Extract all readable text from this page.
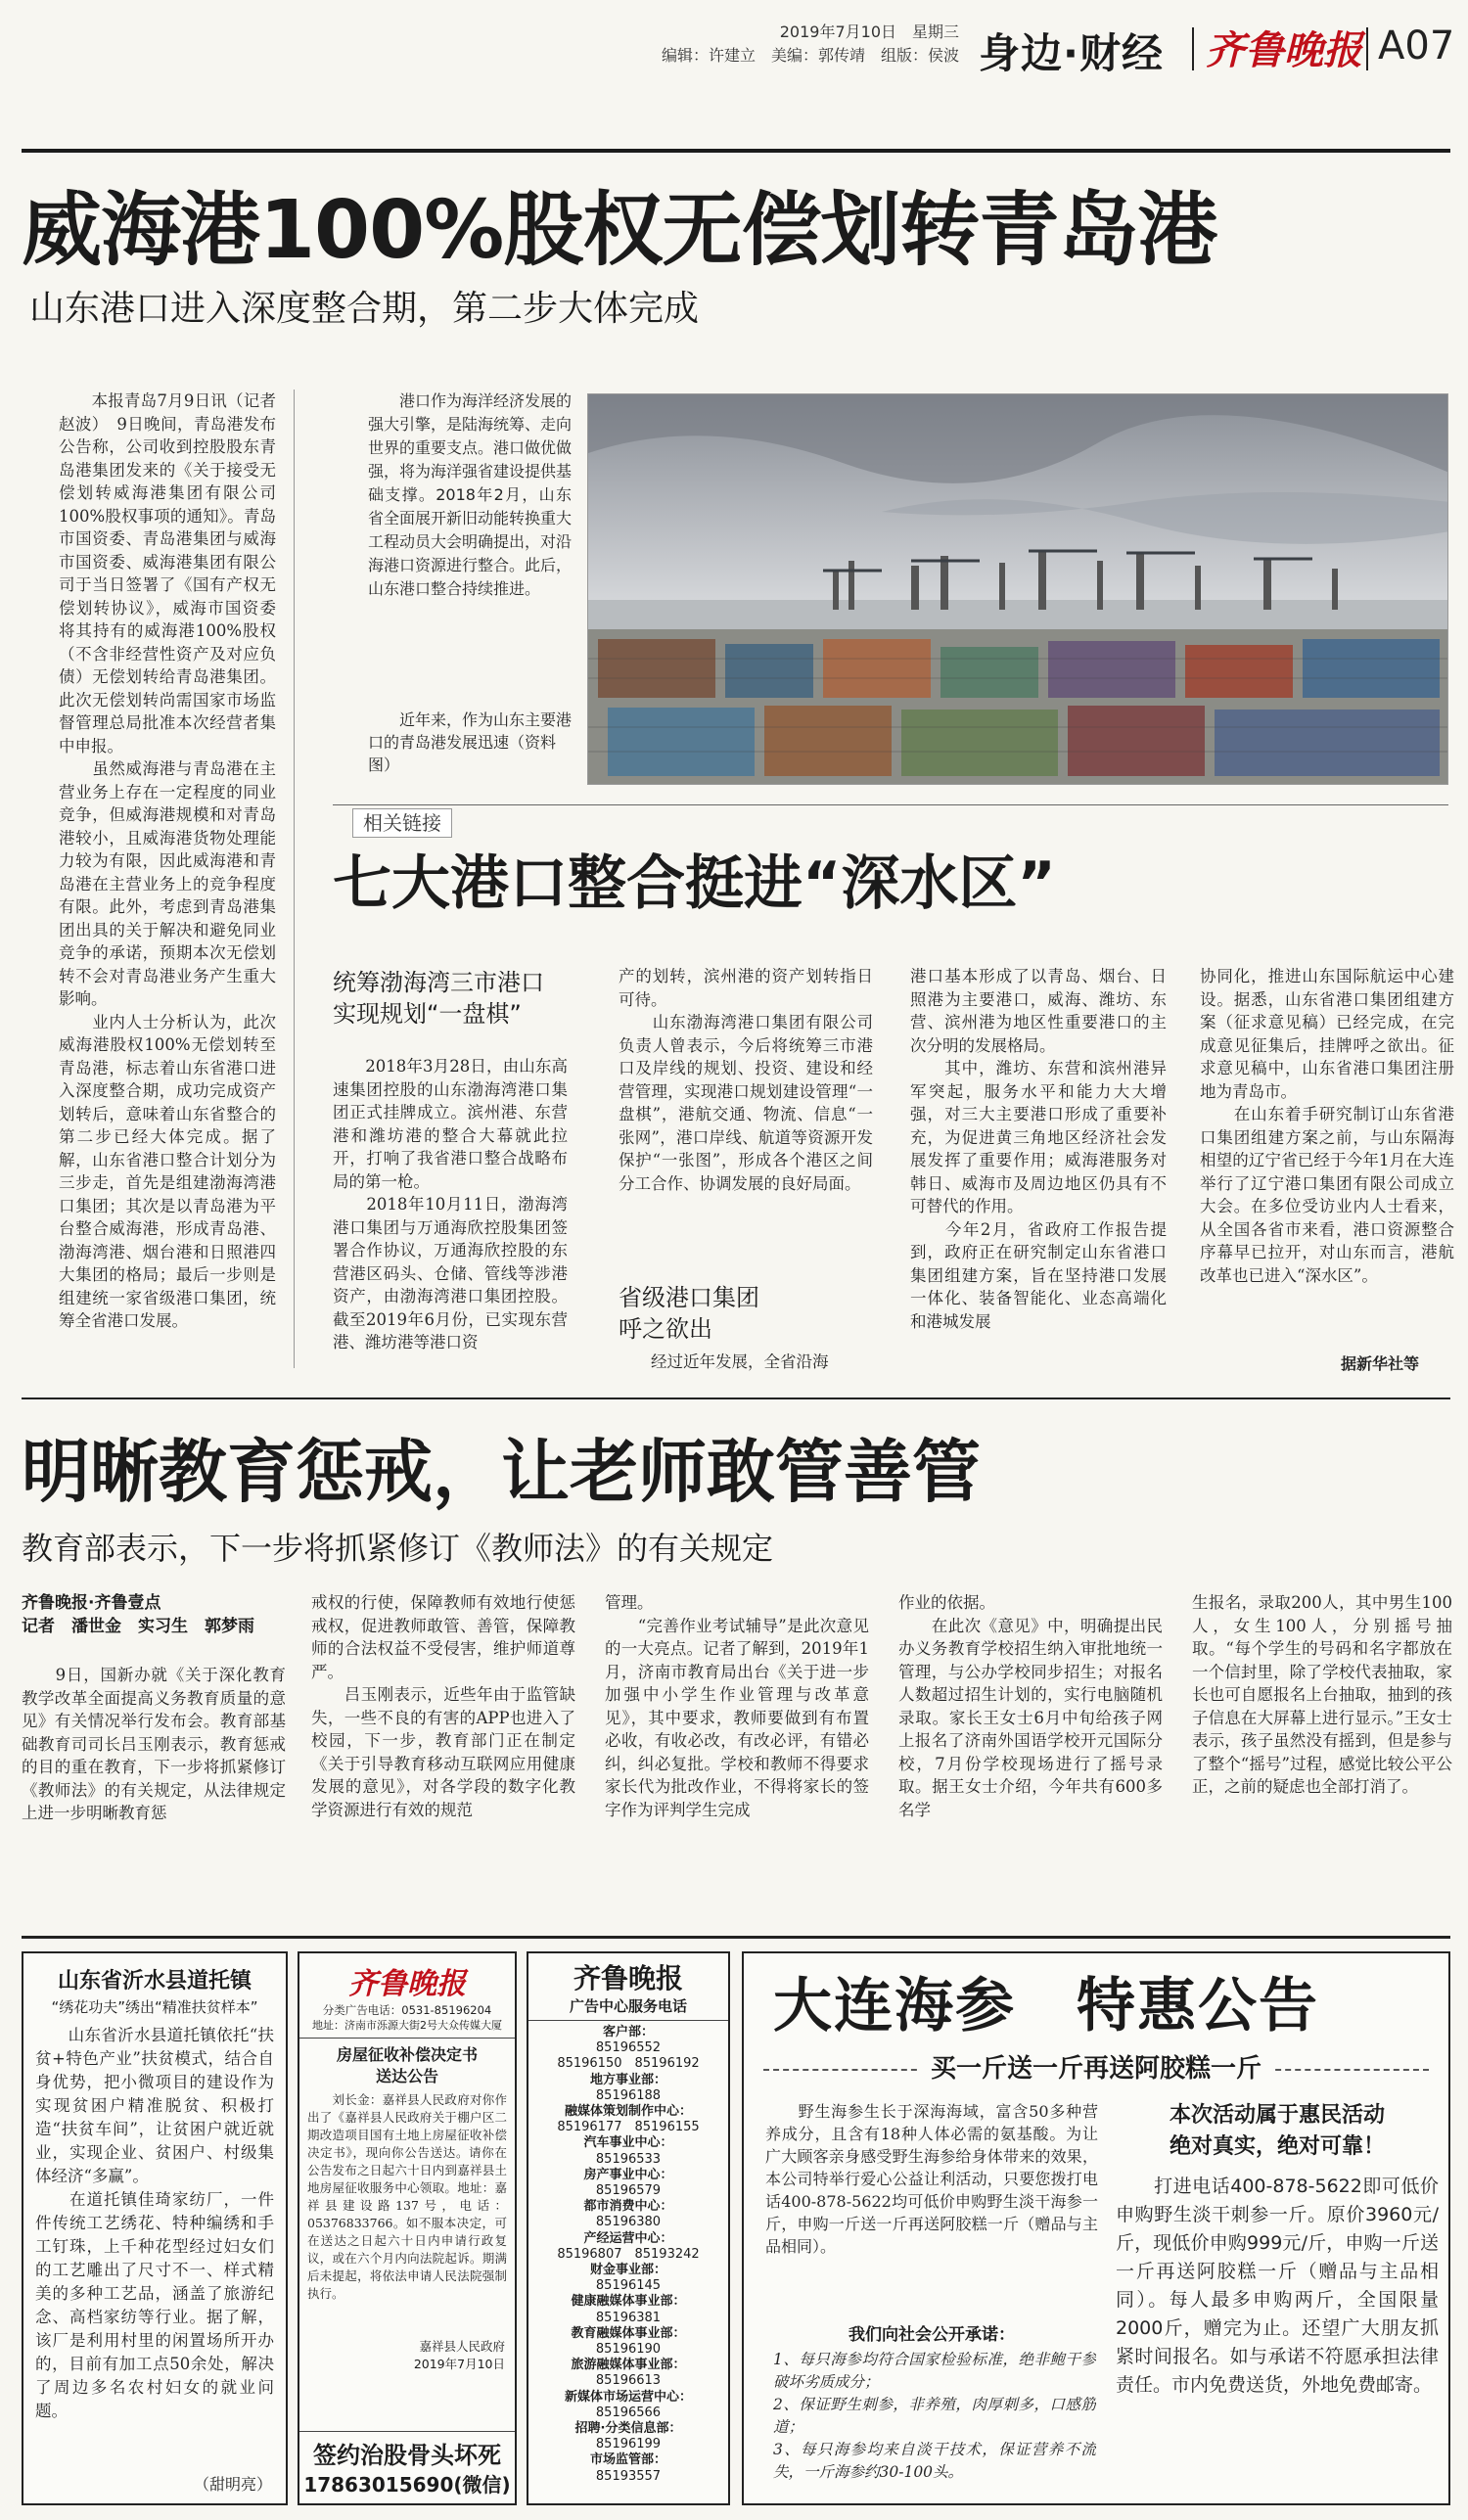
2019年7月10日　星期三
编辑：许建立　美编：郭传靖　组版：侯波 身边·财经 齐鲁晚报 A07
威海港100%股权无偿划转青岛港
山东港口进入深度整合期，第二步大体完成
　　本报青岛7月9日讯（记者赵波）　9日晚间，青岛港发布公告称，公司收到控股股东青岛港集团发来的《关于接受无偿划转威海港集团有限公司100%股权事项的通知》。青岛市国资委、青岛港集团与威海市国资委、威海港集团有限公司于当日签署了《国有产权无偿划转协议》，威海市国资委将其持有的威海港100%股权（不含非经营性资产及对应负债）无偿划转给青岛港集团。此次无偿划转尚需国家市场监督管理总局批准本次经营者集中申报。
　　虽然威海港与青岛港在主营业务上存在一定程度的同业竞争，但威海港规模和对青岛港较小，且威海港货物处理能力较为有限，因此威海港和青岛港在主营业务上的竞争程度有限。此外，考虑到青岛港集团出具的关于解决和避免同业竞争的承诺，预期本次无偿划转不会对青岛港业务产生重大影响。
　　业内人士分析认为，此次威海港股权100%无偿划转至青岛港，标志着山东省港口进入深度整合期，成功完成资产划转后，意味着山东省整合的第二步已经大体完成。据了解，山东省港口整合计划分为三步走，首先是组建渤海湾港口集团；其次是以青岛港为平台整合威海港，形成青岛港、渤海湾港、烟台港和日照港四大集团的格局；最后一步则是组建统一家省级港口集团，统筹全省港口发展。
　　港口作为海洋经济发展的强大引擎，是陆海统筹、走向世界的重要支点。港口做优做强，将为海洋强省建设提供基础支撑。2018年2月，山东省全面展开新旧动能转换重大工程动员大会明确提出，对沿海港口资源进行整合。此后，山东港口整合持续推进。
　　近年来，作为山东主要港口的青岛港发展迅速（资料图）
相关链接
七大港口整合挺进“深水区”
统筹渤海湾三市港口
实现规划“一盘棋”
　　2018年3月28日，由山东高速集团控股的山东渤海湾港口集团正式挂牌成立。滨州港、东营港和潍坊港的整合大幕就此拉开，打响了我省港口整合战略布局的第一枪。
　　2018年10月11日，渤海湾港口集团与万通海欣控股集团签署合作协议，万通海欣控股的东营港区码头、仓储、管线等涉港资产，由渤海湾港口集团控股。截至2019年6月份，已实现东营港、潍坊港等港口资
产的划转，滨州港的资产划转指日可待。
　　山东渤海湾港口集团有限公司负责人曾表示，今后将统筹三市港口及岸线的规划、投资、建设和经营管理，实现港口规划建设管理“一盘棋”，港航交通、物流、信息“一张网”，港口岸线、航道等资源开发保护“一张图”，形成各个港区之间分工合作、协调发展的良好局面。
省级港口集团
呼之欲出
　　经过近年发展，全省沿海
港口基本形成了以青岛、烟台、日照港为主要港口，威海、潍坊、东营、滨州港为地区性重要港口的主次分明的发展格局。
　　其中，潍坊、东营和滨州港异军突起，服务水平和能力大大增强，对三大主要港口形成了重要补充，为促进黄三角地区经济社会发展发挥了重要作用；威海港服务对韩日、威海市及周边地区仍具有不可替代的作用。
　　今年2月，省政府工作报告提到，政府正在研究制定山东省港口集团组建方案，旨在坚持港口发展一体化、装备智能化、业态高端化和港城发展
协同化，推进山东国际航运中心建设。据悉，山东省港口集团组建方案（征求意见稿）已经完成，在完成意见征集后，挂牌呼之欲出。征求意见稿中，山东省港口集团注册地为青岛市。
　　在山东着手研究制订山东省港口集团组建方案之前，与山东隔海相望的辽宁省已经于今年1月在大连举行了辽宁港口集团有限公司成立大会。在多位受访业内人士看来，从全国各省市来看，港口资源整合序幕早已拉开，对山东而言，港航改革也已进入“深水区”。
据新华社等
明晰教育惩戒，让老师敢管善管
教育部表示，下一步将抓紧修订《教师法》的有关规定
齐鲁晚报·齐鲁壹点
记者　潘世金　实习生　郭梦雨
　　9日，国新办就《关于深化教育教学改革全面提高义务教育质量的意见》有关情况举行发布会。教育部基础教育司司长吕玉刚表示，教育惩戒的目的重在教育，下一步将抓紧修订《教师法》的有关规定，从法律规定上进一步明晰教育惩
戒权的行使，保障教师有效地行使惩戒权，促进教师敢管、善管，保障教师的合法权益不受侵害，维护师道尊严。
　　吕玉刚表示，近些年由于监管缺失，一些不良的有害的APP也进入了校园，下一步，教育部门正在制定《关于引导教育移动互联网应用健康发展的意见》，对各学段的数字化教学资源进行有效的规范
管理。
　　“完善作业考试辅导”是此次意见的一大亮点。记者了解到，2019年1月，济南市教育局出台《关于进一步加强中小学生作业管理与改革意见》，其中要求，教师要做到有布置必收，有收必改，有改必评，有错必纠，纠必复批。学校和教师不得要求家长代为批改作业，不得将家长的签字作为评判学生完成
作业的依据。
　　在此次《意见》中，明确提出民办义务教育学校招生纳入审批地统一管理，与公办学校同步招生；对报名人数超过招生计划的，实行电脑随机录取。家长王女士6月中旬给孩子网上报名了济南外国语学校开元国际分校，7月份学校现场进行了摇号录取。据王女士介绍，今年共有600多名学
生报名，录取200人，其中男生100人，女生100人，分别摇号抽取。“每个学生的号码和名字都放在一个信封里，除了学校代表抽取，家长也可自愿报名上台抽取，抽到的孩子信息在大屏幕上进行显示。”王女士表示，孩子虽然没有摇到，但是参与了整个“摇号”过程，感觉比较公平公正，之前的疑虑也全部打消了。
山东省沂水县道托镇
“绣花功夫”绣出“精准扶贫样本”
　　山东省沂水县道托镇依托“扶贫+特色产业”扶贫模式，结合自身优势，把小微项目的建设作为实现贫困户精准脱贫、积极打造“扶贫车间”，让贫困户就近就业，实现企业、贫困户、村级集体经济“多赢”。
　　在道托镇佳琦家纺厂，一件件传统工艺绣花、特种编绣和手工钉珠，上千种花型经过妇女们的工艺雕出了尺寸不一、样式精美的多种工艺品，涵盖了旅游纪念、高档家纺等行业。据了解，该厂是利用村里的闲置场所开办的，目前有加工点50余处，解决了周边多名农村妇女的就业问题。
（甜明亮）
齐鲁晚报
分类广告电话：0531-85196204
地址：济南市泺源大街2号大众传媒大厦
房屋征收补偿决定书
送达公告
　　刘长金：嘉祥县人民政府对你作出了《嘉祥县人民政府关于棚户区二期改造项目国有土地上房屋征收补偿决定书》，现向你公告送达。请你在公告发布之日起六十日内到嘉祥县土地房屋征收服务中心领取。地址：嘉祥县建设路137号，电话：05376833766。如不服本决定，可在送达之日起六十日内申请行政复议，或在六个月内向法院起诉。期满后未提起，将依法申请人民法院强制执行。
嘉祥县人民政府
2019年7月10日
签约治股骨头坏死
17863015690(微信)
齐鲁晚报
广告中心服务电话
客户部：
85196552
85196150　85196192
地方事业部：
85196188
融媒体策划制作中心：
85196177　85196155
汽车事业中心：
85196533
房产事业中心：
85196579
都市消费中心：
85196380
产经运营中心：
85196807　85193242
财金事业部：
85196145
健康融媒体事业部：
85196381
教育融媒体事业部：
85196190
旅游融媒体事业部：
85196613
新媒体市场运营中心：
85196566
招聘·分类信息部：
85196199
市场监管部：
85193557
大连海参　特惠公告
买一斤送一斤再送阿胶糕一斤
　　野生海参生长于深海海域，富含50多种营养成分，且含有18种人体必需的氨基酸。为让广大顾客亲身感受野生海参给身体带来的效果，本公司特举行爱心公益让利活动，只要您拨打电话400-878-5622均可低价申购野生淡干海参一斤，申购一斤送一斤再送阿胶糕一斤（赠品与主品相同）。
我们向社会公开承诺：
1、每只海参均符合国家检验标准，绝非鲍干参破坏劣质成分；
2、保证野生刺参，非养殖，肉厚刺多，口感筋道；
3、每只海参均来自淡干技术，保证营养不流失，一斤海参约30-100头。
本次活动属于惠民活动
绝对真实，绝对可靠！
　　打进电话400-878-5622即可低价申购野生淡干刺参一斤。原价3960元/斤，现低价申购999元/斤，申购一斤送一斤再送阿胶糕一斤（赠品与主品相同）。每人最多申购两斤，全国限量2000斤，赠完为止。还望广大朋友抓紧时间报名。如与承诺不符愿承担法律责任。市内免费送货，外地免费邮寄。
